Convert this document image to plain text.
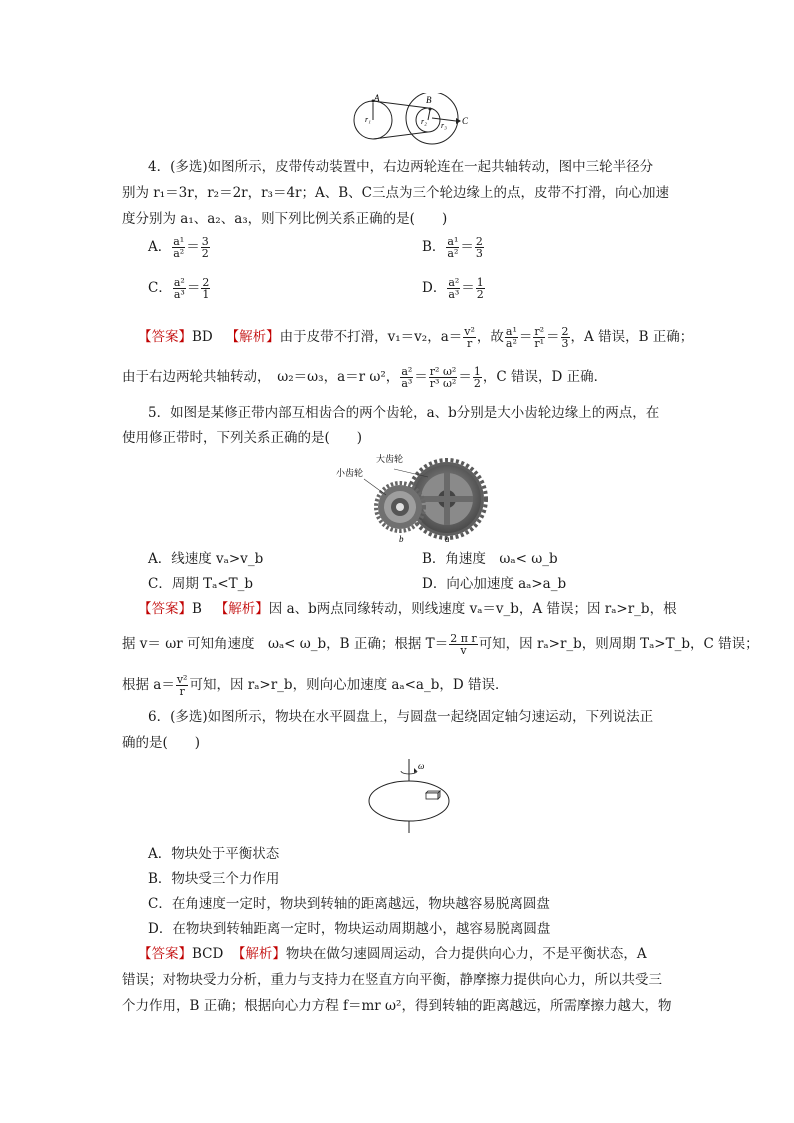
A	B
C
r₁	r₂ r₃
4．(多选)如图所示，皮带传动装置中，右边两轮连在一起共轴转动，图中三轮半径分
别为 r₁＝3r，r₂＝2r，r₃＝4r；A、B、C三点为三个轮边缘上的点，皮带不打滑，向心加速
度分别为 a₁、a₂、a₃，则下列比例关系正确的是(　　)
A． $\frac{\text{a¹}}{\text{a²}} = \frac{3}{2}$	B． $\frac{\text{a¹}}{\text{a²}} = \frac{2}{3}$
C． $\frac{\text{a²}}{\text{a³}} = \frac{2}{1}$	D． $\frac{\text{a²}}{\text{a³}} = \frac{1}{2}$
【答案】BD 【解析】由于皮带不打滑，v₁＝v₂，$a= \frac{\text{v²}}{r}$ ，故 $\frac{\text{a¹}}{\text{a²}} = \frac{\text{r²}}{\text{r¹}} = \frac{2}{3}$ ，A 错误，B 正确；
由于右边两轮共轴转动，　ω₂＝ω₃，a＝r ω²， $\frac{\text{a²}}{\text{a³}} = \frac{\text{r² ω²}}{\text{r³ ω²}} = \frac{1}{2}$ ，C 错误，D 正确．
5．如图是某修正带内部互相齿合的两个齿轮，a、b分别是大小齿轮边缘上的两点，在
使用修正带时，下列关系正确的是(　　)
大齿轮
小齿轮
a
b
A．线速度 vₐ>v_b	B．角速度　ωₐ< ω_b
C．周期 Tₐ<T_b	D．向心加速度 aₐ>a_b
【答案】B 【解析】因 a、b两点同缘转动，则线速度 vₐ＝v_b，A 错误；因 rₐ>r_b，根
据 v＝ ωr 可知角速度　ωₐ< ω_b，B 正确；根据 $T= \frac{\text{2 π r}}{v}$ 可知，因 rₐ>r_b，则周期 Tₐ>T_b，C 错误；
根据 $a= \frac{\text{v²}}{r}$ 可知，因 rₐ>r_b，则向心加速度 aₐ<a_b，D 错误．
6．(多选)如图所示，物块在水平圆盘上，与圆盘一起绕固定轴匀速运动，下列说法正
确的是(　　)
ω
A．物块处于平衡状态
B．物块受三个力作用
C．在角速度一定时，物块到转轴的距离越远，物块越容易脱离圆盘
D．在物块到转轴距离一定时，物块运动周期越小，越容易脱离圆盘
【答案】BCD 【解析】物块在做匀速圆周运动，合力提供向心力，不是平衡状态，A
错误；对物块受力分析，重力与支持力在竖直方向平衡，静摩擦力提供向心力，所以共受三
个力作用，B 正确；根据向心力方程 f＝mr ω²，得到转轴的距离越远，所需摩擦力越大，物
